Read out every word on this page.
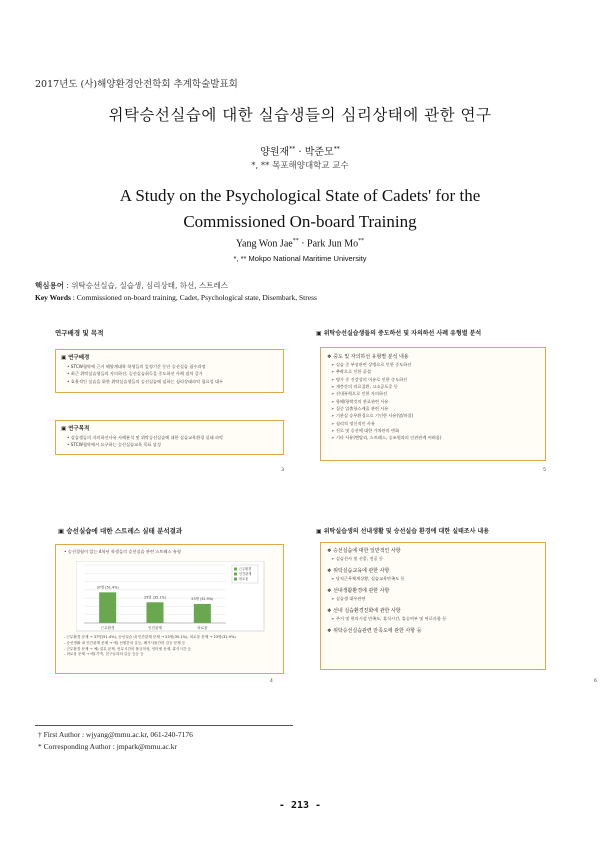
2017년도 (사)해양환경안전학회 추계학술발표회
위탁승선실습에 대한 실습생들의 심리상태에 관한 연구
양원재** · 박준모**
*, ** 목포해양대학교 교수
A Study on the Psychological State of Cadets' for the
Commissioned On-board Training
Yang Won Jae** · Park Jun Mo**
*, ** Mokpo National Maritime University
핵심용어 : 위탁승선실습, 실습생, 심리상태, 하선, 스트레스
Key Words : Commissioned on-board training, Cadet, Psychological state, Disembark, Stress
연구배경 및 목적
▣ 연구배경
• STCW협약에 근거 해양계대학 학생들의 일정기간 동안 승선실습 필수과정
• 최근 위탁실습생들의 자의하선, 승선실습취득을 중도하선 사례 점차 증가
• 효율적인 실습을 위한 위탁실습생들의 승선실습에 임하는 심리상태파악 필요성 대두
▣ 연구목적
• 실습생들의 자의하선사유 사례분석 및 위탁승선실습에 대한 실습교육환경 실태 파악
• STCW협약에서 요구하는 승선실습교육 목표 달성
3
▣ 위탁승선실습생들의 중도하선 및 자의하선 사례 유형별 분석
❖ 중도 및 자의하선 유형별 분석 내용
➢ 실습 중 부상관련 상병으로 인한 중도하선
➢ 추락으로 인한 골절
➢ 병가 중 건강상의 이유로 인한 중도하선
➢ 계층간의 의료질환, 고소공포증 등
➢ 선내폭력으로 인한 자의하선
➢ 항해/항박것의 관료관련 사유
➢ 집중 입출항스케줄 관련 사유
➢ 기관실 승무환경으로 기인한 사유(열/마찰)
➢ 심리적 정신적인 사유
➢ 진로 및 승선에 대한 가치관의 변화
➢ 기타 사유(멘탈리, 스트레스, 승조원과의 인관관계 어려움)
5
▣ 승선실습에 대한 스트레스 실태 분석결과
• 승선경험이 있는 4학년 학생들의 승선실습 관련 스트레스 유형
37명 (51.4%)
근무환경
25명 (35.1%)
인간관계
23명 (32.9%)
외로움
근무환경
인간관계
외로움
- 근무환경 문제 → 37명(51.4%), 승선실습 내 인간관계 문제 → 25명(35.1%), 외로움 문제 → 23명(32.9%)
- 승선생활 내 인간관계 문제 → 예) 선원간의 갈등, 폐기사물간의 갈등 문제 등
- 근무환경 문제 → 예) 업무 문제, 언무시간의 불규칙성, 인터넷 문제, 휴식시간 등
- 외로움 문제 → 예) 가족, 친구들과의 갈등 등등 등
4
▣ 위탁실습생의 선내생활 및 승선실습 환경에 대한 실태조사 내용
❖ 승선실습에 대한 일반적인 사항
➢ 실습선사 및 선종, 전공 등
❖ 위탁실습교육에 관한 사항
➢ 당직근무체계상황, 실습교육만족도 등
❖ 선내생활환경에 관한 사항
➢ 실습생 대우관련
❖ 선내 실습환경친화에 관한 사항
➢ 주거 및 편의시설 만족도, 휴식시간, 휴승여부 및 여로사항 등
❖ 위탁승선실습관련 만족도에 관한 사항 등
6
† First Author : wjyang@mmu.ac.kr, 061-240-7176
* Corresponding Author : jmpark@mmu.ac.kr
- 213 -
